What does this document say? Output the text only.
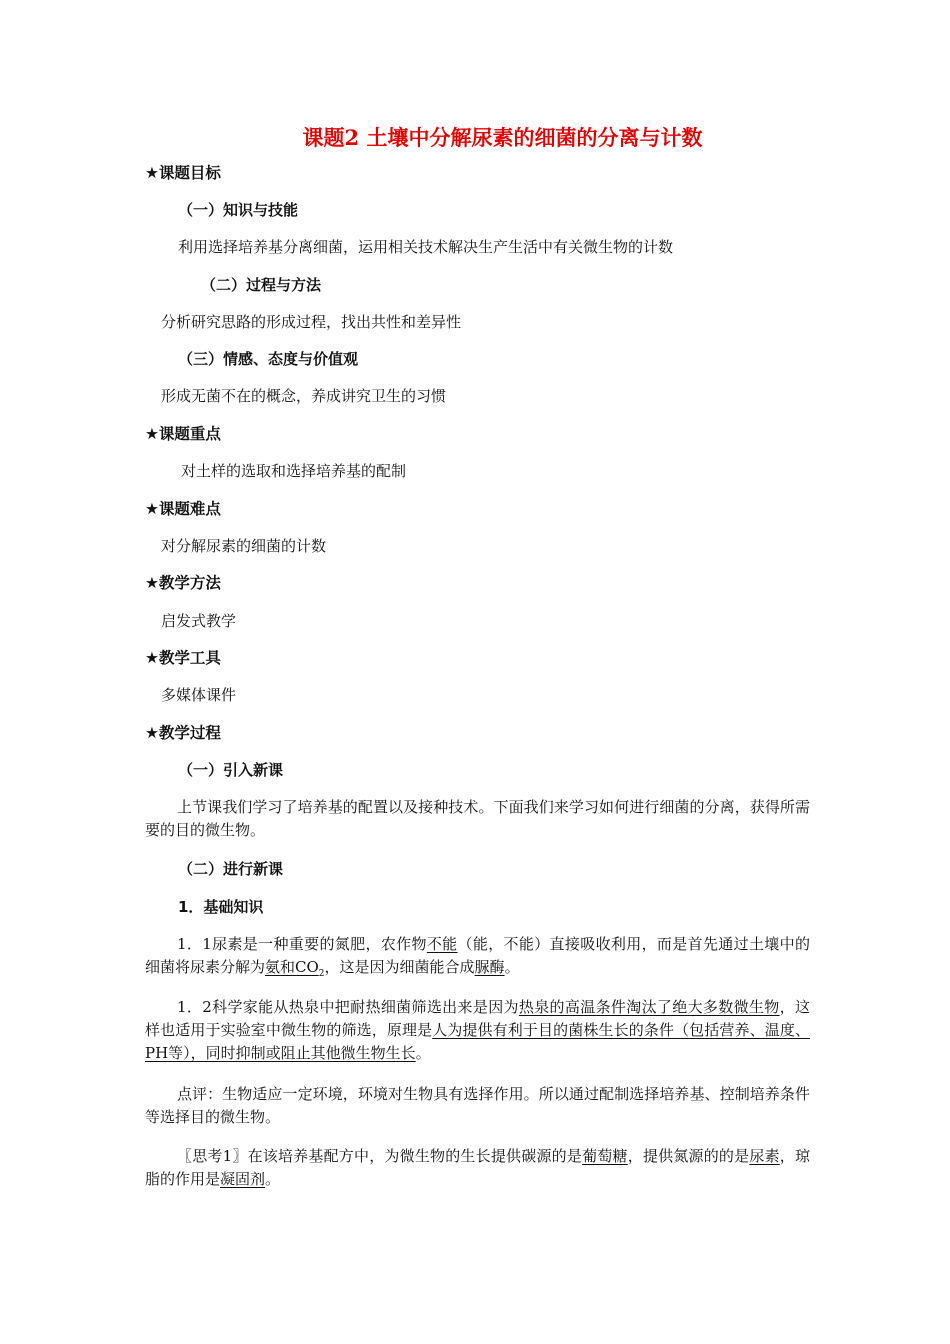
课题2 土壤中分解尿素的细菌的分离与计数
★课题目标
（一）知识与技能
利用选择培养基分离细菌，运用相关技术解决生产生活中有关微生物的计数
（二）过程与方法
分析研究思路的形成过程，找出共性和差异性
（三）情感、态度与价值观
形成无菌不在的概念，养成讲究卫生的习惯
★课题重点
对土样的选取和选择培养基的配制
★课题难点
对分解尿素的细菌的计数
★教学方法
启发式教学
★教学工具
多媒体课件
★教学过程
（一）引入新课
上节课我们学习了培养基的配置以及接种技术。下面我们来学习如何进行细菌的分离，获得所需要的目的微生物。
（二）进行新课
1．基础知识
1．1尿素是一种重要的氮肥，农作物不能（能，不能）直接吸收利用，而是首先通过土壤中的细菌将尿素分解为氨和$CO_2$，这是因为细菌能合成脲酶。
1．2科学家能从热泉中把耐热细菌筛选出来是因为热泉的高温条件淘汰了绝大多数微生物，这样也适用于实验室中微生物的筛选，原理是人为提供有利于目的菌株生长的条件（包括营养、温度、PH等），同时抑制或阻止其他微生物生长。
点评：生物适应一定环境，环境对生物具有选择作用。所以通过配制选择培养基、控制培养条件等选择目的微生物。
〖思考1〗在该培养基配方中，为微生物的生长提供碳源的是葡萄糖，提供氮源的的是尿素，琼脂的作用是凝固剂。
